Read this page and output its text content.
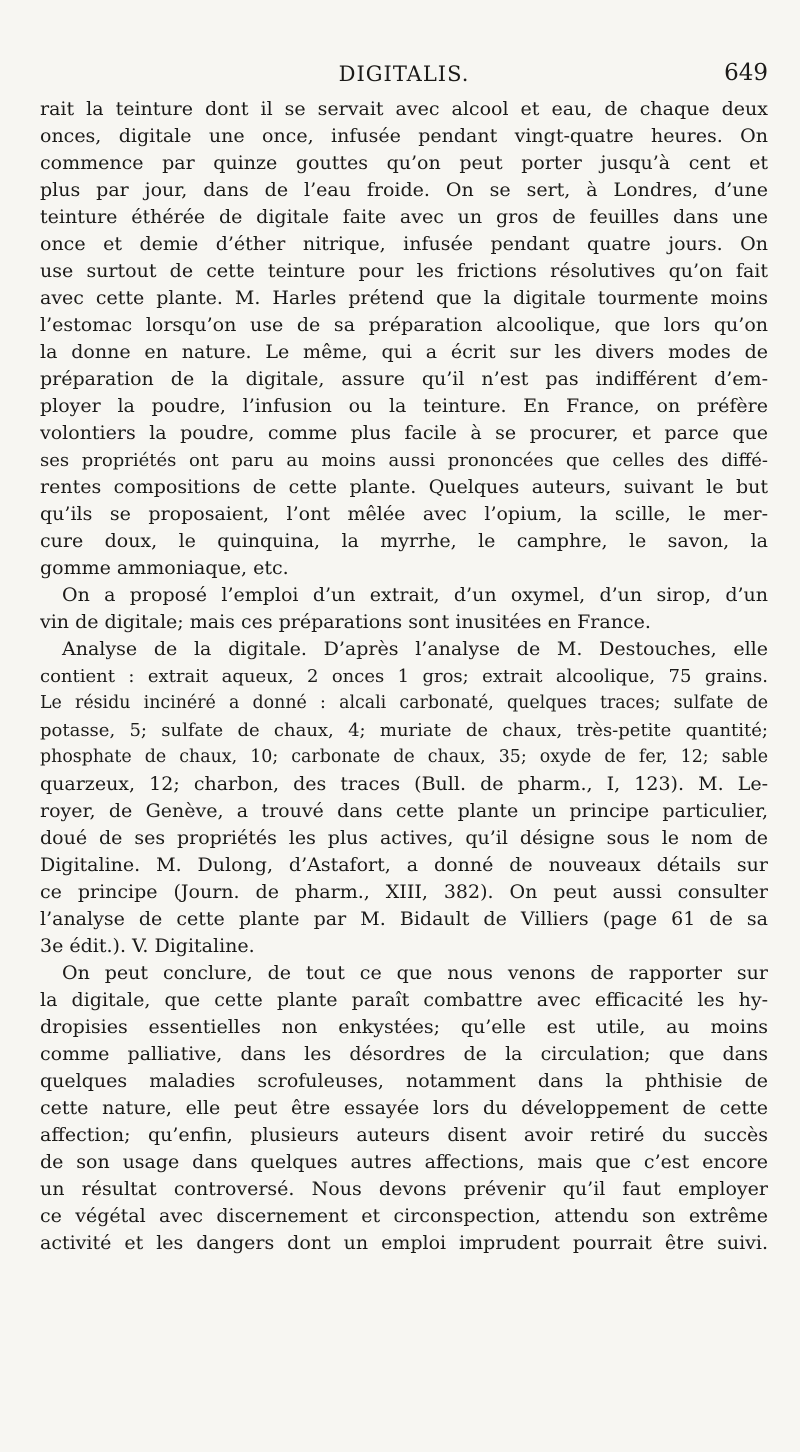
DIGITALIS.	649
rait la teinture dont il se servait avec alcool et eau, de chaque deux
onces, digitale une once, infusée pendant vingt-quatre heures. On
commence par quinze gouttes qu’on peut porter jusqu’à cent et
plus par jour, dans de l’eau froide. On se sert, à Londres, d’une
teinture éthérée de digitale faite avec un gros de feuilles dans une
once et demie d’éther nitrique, infusée pendant quatre jours. On
use surtout de cette teinture pour les frictions résolutives qu’on fait
avec cette plante. M. Harles prétend que la digitale tourmente moins
l’estomac lorsqu’on use de sa préparation alcoolique, que lors qu’on
la donne en nature. Le même, qui a écrit sur les divers modes de
préparation de la digitale, assure qu’il n’est pas indifférent d’em-
ployer la poudre, l’infusion ou la teinture. En France, on préfère
volontiers la poudre, comme plus facile à se procurer, et parce que
ses propriétés ont paru au moins aussi prononcées que celles des diffé-
rentes compositions de cette plante. Quelques auteurs, suivant le but
qu’ils se proposaient, l’ont mêlée avec l’opium, la scille, le mer-
cure doux, le quinquina, la myrrhe, le camphre, le savon, la
gomme ammoniaque, etc.
On a proposé l’emploi d’un extrait, d’un oxymel, d’un sirop, d’un
vin de digitale; mais ces préparations sont inusitées en France.
Analyse de la digitale. D’après l’analyse de M. Destouches, elle
contient : extrait aqueux, 2 onces 1 gros; extrait alcoolique, 75 grains.
Le résidu incinéré a donné : alcali carbonaté, quelques traces; sulfate de
potasse, 5; sulfate de chaux, 4; muriate de chaux, très-petite quantité;
phosphate de chaux, 10; carbonate de chaux, 35; oxyde de fer, 12; sable
quarzeux, 12; charbon, des traces (Bull. de pharm., I, 123). M. Le-
royer, de Genève, a trouvé dans cette plante un principe particulier,
doué de ses propriétés les plus actives, qu’il désigne sous le nom de
Digitaline. M. Dulong, d’Astafort, a donné de nouveaux détails sur
ce principe (Journ. de pharm., XIII, 382). On peut aussi consulter
l’analyse de cette plante par M. Bidault de Villiers (page 61 de sa
3e édit.). V. Digitaline.
On peut conclure, de tout ce que nous venons de rapporter sur
la digitale, que cette plante paraît combattre avec efficacité les hy-
dropisies essentielles non enkystées; qu’elle est utile, au moins
comme palliative, dans les désordres de la circulation; que dans
quelques maladies scrofuleuses, notamment dans la phthisie de
cette nature, elle peut être essayée lors du développement de cette
affection; qu’enfin, plusieurs auteurs disent avoir retiré du succès
de son usage dans quelques autres affections, mais que c’est encore
un résultat controversé. Nous devons prévenir qu’il faut employer
ce végétal avec discernement et circonspection, attendu son extrême
activité et les dangers dont un emploi imprudent pourrait être suivi.
